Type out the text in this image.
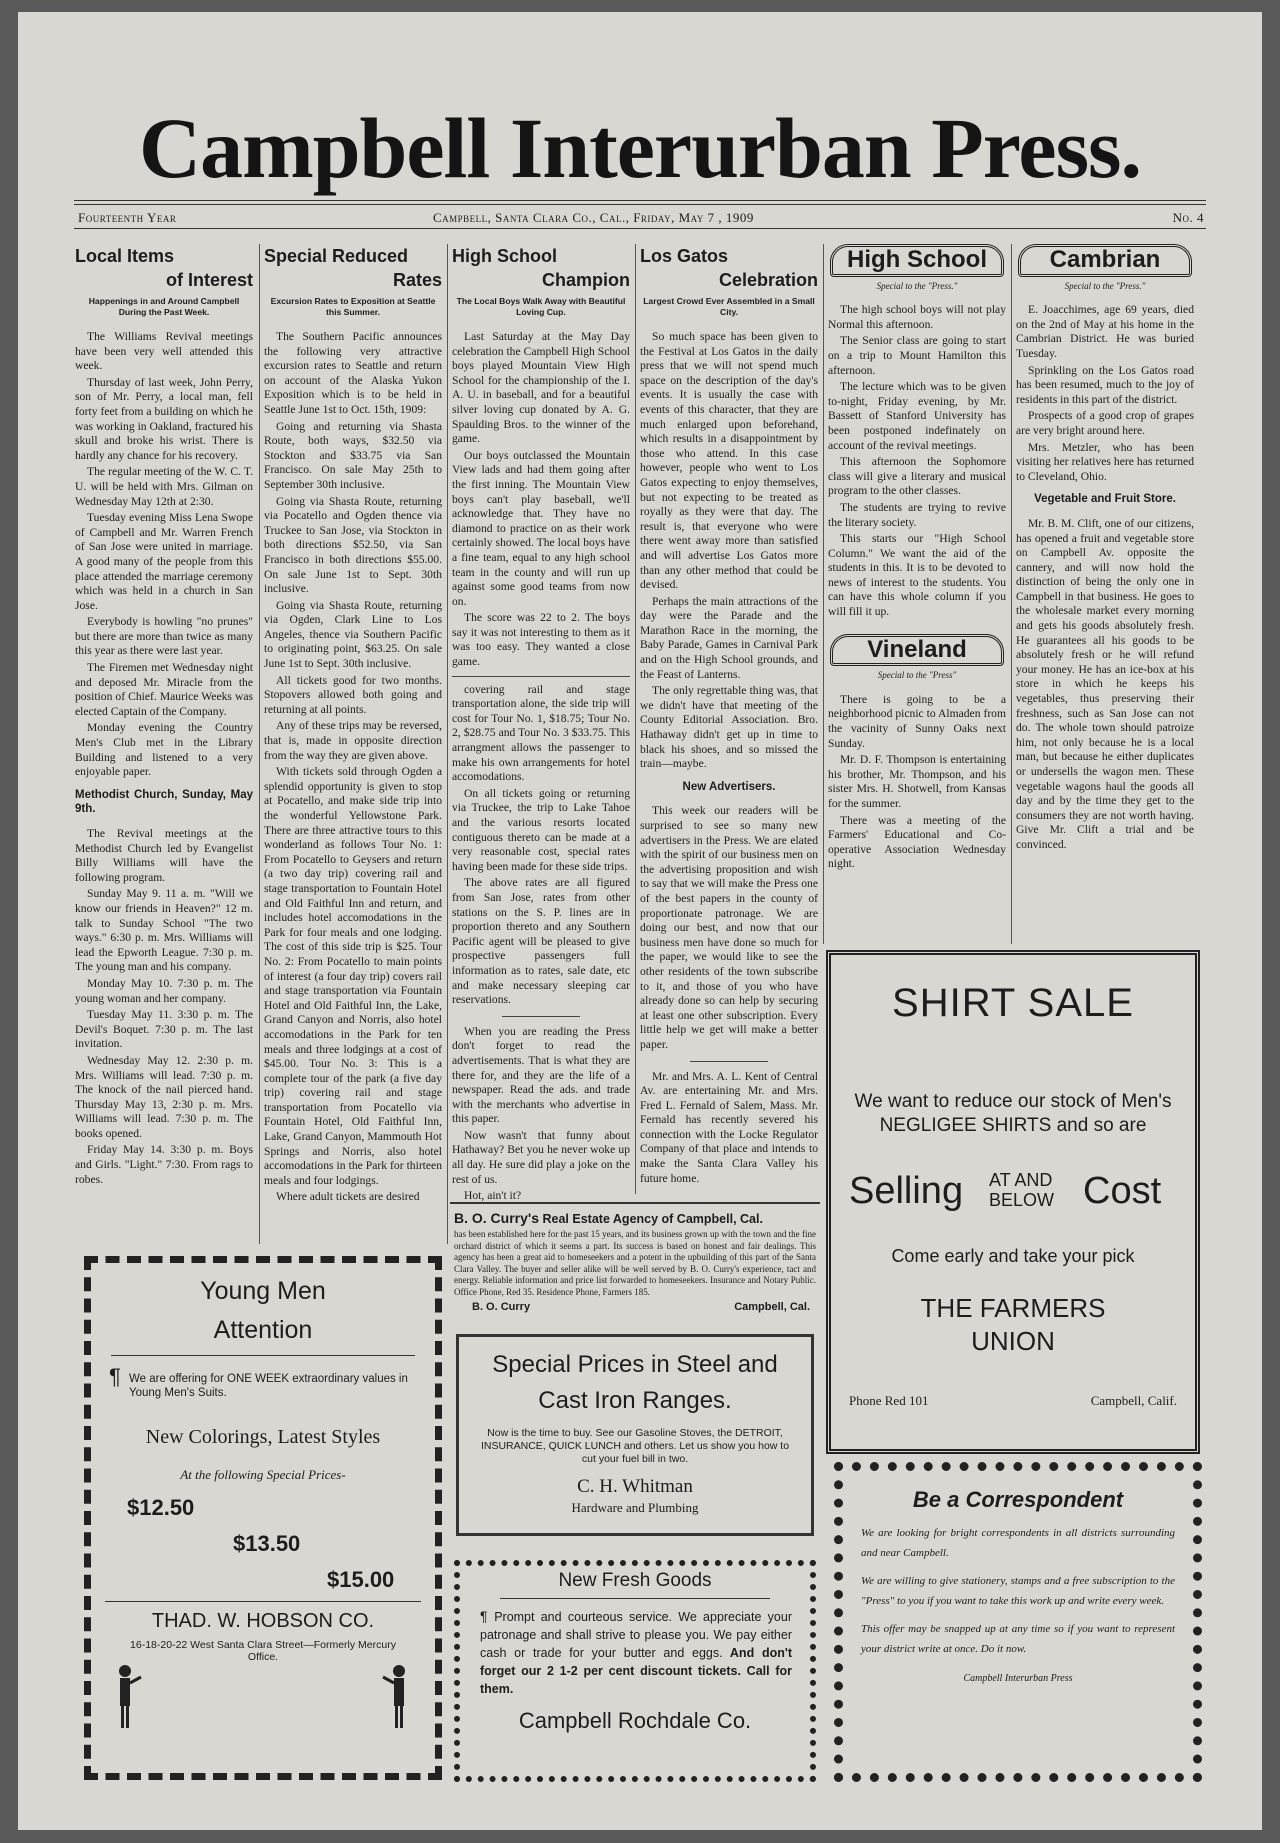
Campbell Interurban Press.
Fourteenth Year	Campbell, Santa Clara Co., Cal., Friday, May 7 , 1909	No. 4
Local Items
of Interest
Happenings in and Around Campbell During the Past Week.

The Williams Revival meetings have been very well attended this week.

Thursday of last week, John Perry, son of Mr. Perry, a local man, fell forty feet from a building on which he was working in Oakland, fractured his skull and broke his wrist. There is hardly any chance for his recovery.

The regular meeting of the W. C. T. U. will be held with Mrs. Gilman on Wednesday May 12th at 2:30.

Tuesday evening Miss Lena Swope of Campbell and Mr. Warren French of San Jose were united in marriage. A good many of the people from this place attended the marriage ceremony which was held in a church in San Jose.

Everybody is howling "no prunes" but there are more than twice as many this year as there were last year.

The Firemen met Wednesday night and deposed Mr. Miracle from the position of Chief. Maurice Weeks was elected Captain of the Company.

Monday evening the Country Men's Club met in the Library Building and listened to a very enjoyable paper.

Methodist Church, Sunday, May 9th.

The Revival meetings at the Methodist Church led by Evangelist Billy Williams will have the following program.

Sunday May 9. 11 a. m. "Will we know our friends in Heaven?" 12 m. talk to Sunday School "The two ways." 6:30 p. m. Mrs. Williams will lead the Epworth League. 7:30 p. m. The young man and his company.

Monday May 10. 7:30 p. m. The young woman and her company.

Tuesday May 11. 3:30 p. m. The Devil's Boquet. 7:30 p. m. The last invitation.

Wednesday May 12. 2:30 p. m. Mrs. Williams will lead. 7:30 p. m. The knock of the nail pierced hand. Thursday May 13, 2:30 p. m. Mrs. Williams will lead. 7:30 p. m. The books opened.

Friday May 14. 3:30 p. m. Boys and Girls. "Light." 7:30. From rags to robes.

Special Reduced
Rates
Excursion Rates to Exposition at Seattle this Summer.

The Southern Pacific announces the following very attractive excursion rates to Seattle and return on account of the Alaska Yukon Exposition which is to be held in Seattle June 1st to Oct. 15th, 1909:

Going and returning via Shasta Route, both ways, $32.50 via Stockton and $33.75 via San Francisco. On sale May 25th to September 30th inclusive.

Going via Shasta Route, returning via Pocatello and Ogden thence via Truckee to San Jose, via Stockton in both directions $52.50, via San Francisco in both directions $55.00. On sale June 1st to Sept. 30th inclusive.

Going via Shasta Route, returning via Ogden, Clark Line to Los Angeles, thence via Southern Pacific to originating point, $63.25. On sale June 1st to Sept. 30th inclusive.

All tickets good for two months. Stopovers allowed both going and returning at all points.

Any of these trips may be reversed, that is, made in opposite direction from the way they are given above.

With tickets sold through Ogden a splendid opportunity is given to stop at Pocatello, and make side trip into the wonderful Yellowstone Park. There are three attractive tours to this wonderland as follows Tour No. 1: From Pocatello to Geysers and return (a two day trip) covering rail and stage transportation to Fountain Hotel and Old Faithful Inn and return, and includes hotel accomodations in the Park for four meals and one lodging. The cost of this side trip is $25. Tour No. 2: From Pocatello to main points of interest (a four day trip) covers rail and stage transportation via Fountain Hotel and Old Faithful Inn, the Lake, Grand Canyon and Norris, also hotel accomodations in the Park for ten meals and three lodgings at a cost of $45.00. Tour No. 3: This is a complete tour of the park (a five day trip) covering rail and stage transportation from Pocatello via Fountain Hotel, Old Faithful Inn, Lake, Grand Canyon, Mammouth Hot Springs and Norris, also hotel accomodations in the Park for thirteen meals and four lodgings.

Where adult tickets are desired

High School
Champion
The Local Boys Walk Away with Beautiful Loving Cup.

Last Saturday at the May Day celebration the Campbell High School boys played Mountain View High School for the championship of the I. A. U. in baseball, and for a beautiful silver loving cup donated by A. G. Spaulding Bros. to the winner of the game.

Our boys outclassed the Mountain View lads and had them going after the first inning. The Mountain View boys can't play baseball, we'll acknowledge that. They have no diamond to practice on as their work certainly showed. The local boys have a fine team, equal to any high school team in the county and will run up against some good teams from now on.

The score was 22 to 2. The boys say it was not interesting to them as it was too easy. They wanted a close game.

covering rail and stage transportation alone, the side trip will cost for Tour No. 1, $18.75; Tour No. 2, $28.75 and Tour No. 3 $33.75. This arrangment allows the passenger to make his own arrangements for hotel accomodations.

On all tickets going or returning via Truckee, the trip to Lake Tahoe and the various resorts located contiguous thereto can be made at a very reasonable cost, special rates having been made for these side trips.

The above rates are all figured from San Jose, rates from other stations on the S. P. lines are in proportion thereto and any Southern Pacific agent will be pleased to give prospective passengers full information as to rates, sale date, etc and make necessary sleeping car reservations.

When you are reading the Press don't forget to read the advertisements. That is what they are there for, and they are the life of a newspaper. Read the ads. and trade with the merchants who advertise in this paper.

Now wasn't that funny about Hathaway? Bet you he never woke up all day. He sure did play a joke on the rest of us.

Hot, ain't it?

Los Gatos
Celebration
Largest Crowd Ever Assembled in a Small City.

So much space has been given to the Festival at Los Gatos in the daily press that we will not spend much space on the description of the day's events. It is usually the case with events of this character, that they are much enlarged upon beforehand, which results in a disappointment by those who attend. In this case however, people who went to Los Gatos expecting to enjoy themselves, but not expecting to be treated as royally as they were that day. The result is, that everyone who were there went away more than satisfied and will advertise Los Gatos more than any other method that could be devised.

Perhaps the main attractions of the day were the Parade and the Marathon Race in the morning, the Baby Parade, Games in Carnival Park and on the High School grounds, and the Feast of Lanterns.

The only regrettable thing was, that we didn't have that meeting of the County Editorial Association. Bro. Hathaway didn't get up in time to black his shoes, and so missed the train—maybe.

New Advertisers.

This week our readers will be surprised to see so many new advertisers in the Press. We are elated with the spirit of our business men on the advertising proposition and wish to say that we will make the Press one of the best papers in the county of proportionate patronage. We are doing our best, and now that our business men have done so much for the paper, we would like to see the other residents of the town subscribe to it, and those of you who have already done so can help by securing at least one other subscription. Every little help we get will make a better paper.

Mr. and Mrs. A. L. Kent of Central Av. are entertaining Mr. and Mrs. Fred L. Fernald of Salem, Mass. Mr. Fernald has recently severed his connection with the Locke Regulator Company of that place and intends to make the Santa Clara Valley his future home.

High School
Special to the "Press."

The high school boys will not play Normal this afternoon.

The Senior class are going to start on a trip to Mount Hamilton this afternoon.

The lecture which was to be given to-night, Friday evening, by Mr. Bassett of Stanford University has been postponed indefinately on account of the revival meetings.

This afternoon the Sophomore class will give a literary and musical program to the other classes.

The students are trying to revive the literary society.

This starts our "High School Column." We want the aid of the students in this. It is to be devoted to news of interest to the students. You can have this whole column if you will fill it up.

Vineland
Special to the "Press"

There is going to be a neighborhood picnic to Almaden from the vacinity of Sunny Oaks next Sunday.

Mr. D. F. Thompson is entertaining his brother, Mr. Thompson, and his sister Mrs. H. Shotwell, from Kansas for the summer.

There was a meeting of the Farmers' Educational and Co-operative Association Wednesday night.

Cambrian
Special to the "Press."

E. Joacchimes, age 69 years, died on the 2nd of May at his home in the Cambrian District. He was buried Tuesday.

Sprinkling on the Los Gatos road has been resumed, much to the joy of residents in this part of the district.

Prospects of a good crop of grapes are very bright around here.

Mrs. Metzler, who has been visiting her relatives here has returned to Cleveland, Ohio.

Vegetable and Fruit Store.

Mr. B. M. Clift, one of our citizens, has opened a fruit and vegetable store on Campbell Av. opposite the cannery, and will now hold the distinction of being the only one in Campbell in that business. He goes to the wholesale market every morning and gets his goods absolutely fresh. He guarantees all his goods to be absolutely fresh or he will refund your money. He has an ice-box at his store in which he keeps his vegetables, thus preserving their freshness, such as San Jose can not do. The whole town should patroize him, not only because he is a local man, but because he either duplicates or undersells the wagon men. These vegetable wagons haul the goods all day and by the time they get to the consumers they are not worth having. Give Mr. Clift a trial and be convinced.

SHIRT SALE
We want to reduce our stock of Men's NEGLIGEE SHIRTS and so are
Selling AT AND
BELOW Cost
Come early and take your pick
THE FARMERS
UNION
Phone Red 101	Campbell, Calif.
B. O. Curry's Real Estate Agency of Campbell, Cal.
has been established here for the past 15 years, and its business grown up with the town and the fine orchard district of which it seems a part. Its success is based on honest and fair dealings. This agency has been a great aid to homeseekers and a potent in the upbuilding of this part of the Santa Clara Valley. The buyer and seller alike will be well served by B. O. Curry's experience, tact and energy. Reliable information and price list forwarded to homeseekers. Insurance and Notary Public. Office Phone, Red 35. Residence Phone, Farmers 185.
B. O. Curry	Campbell, Cal.
Young Men
Attention
¶ We are offering for ONE WEEK extraordinary values in Young Men's Suits.
New Colorings, Latest Styles
At the following Special Prices-
$12.50
$13.50
$15.00
THAD. W. HOBSON CO.
16-18-20-22 West Santa Clara Street—Formerly Mercury Office.
Special Prices in Steel and
Cast Iron Ranges.
Now is the time to buy. See our Gasoline Stoves, the DETROIT, INSURANCE, QUICK LUNCH and others. Let us show you how to cut your fuel bill in two.
C. H. Whitman
Hardware and Plumbing
New Fresh Goods
¶ Prompt and courteous service. We appreciate your patronage and shall strive to please you. We pay either cash or trade for your butter and eggs. And don't forget our 2 1-2 per cent discount tickets. Call for them.
Campbell Rochdale Co.
Be a Correspondent
We are looking for bright correspondents in all districts surrounding and near Campbell.
We are willing to give stationery, stamps and a free subscription to the "Press" to you if you want to take this work up and write every week.
This offer may be snapped up at any time so if you want to represent your district write at once. Do it now.
Campbell Interurban Press
